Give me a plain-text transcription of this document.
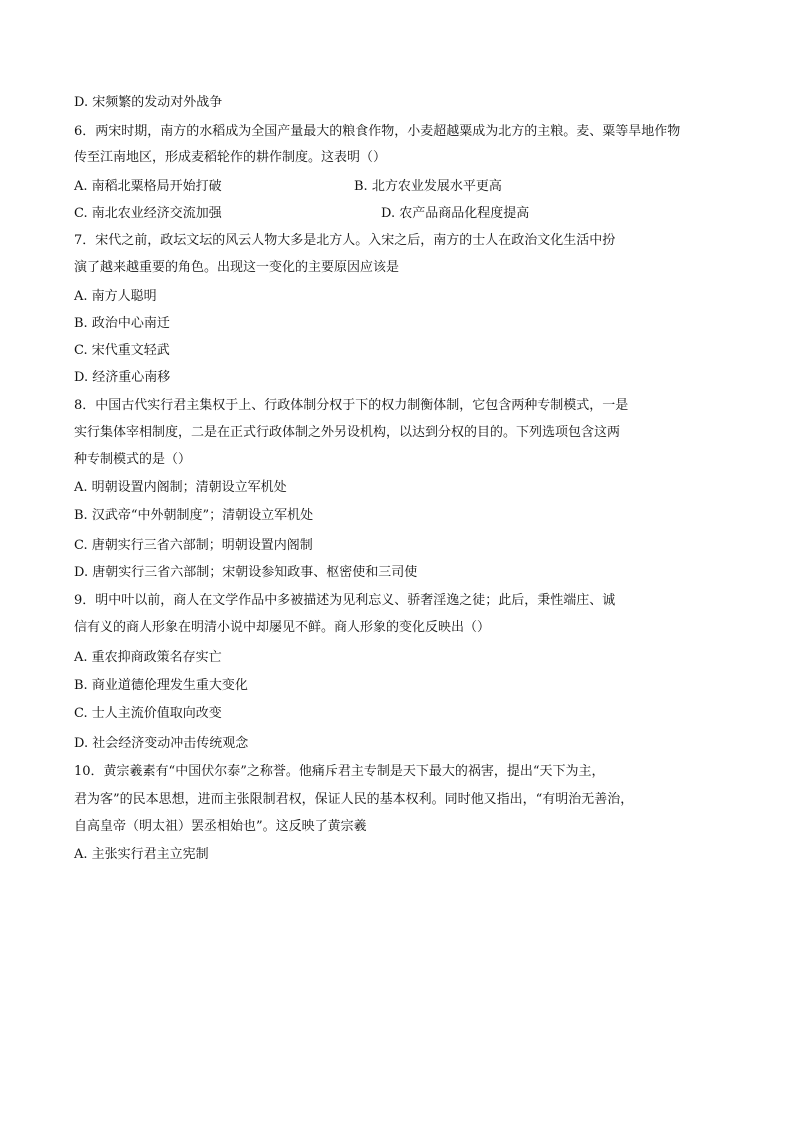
D. 宋频繁的发动对外战争
6．两宋时期，南方的水稻成为全国产量最大的粮食作物，小麦超越粟成为北方的主粮。麦、粟等旱地作物
传至江南地区，形成麦稻轮作的耕作制度。这表明（）
A. 南稻北粟格局开始打破	B. 北方农业发展水平更高
C. 南北农业经济交流加强	D. 农产品商品化程度提高
7．宋代之前，政坛文坛的风云人物大多是北方人。入宋之后，南方的士人在政治文化生活中扮
演了越来越重要的角色。出现这一变化的主要原因应该是
A. 南方人聪明
B. 政治中心南迁
C. 宋代重文轻武
D. 经济重心南移
8．中国古代实行君主集权于上、行政体制分权于下的权力制衡体制，它包含两种专制模式，一是
实行集体宰相制度，二是在正式行政体制之外另设机构，以达到分权的目的。下列选项包含这两
种专制模式的是（）
A. 明朝设置内阁制；清朝设立军机处
B. 汉武帝“中外朝制度”；清朝设立军机处
C. 唐朝实行三省六部制；明朝设置内阁制
D. 唐朝实行三省六部制；宋朝设参知政事、枢密使和三司使
9．明中叶以前，商人在文学作品中多被描述为见利忘义、骄奢淫逸之徒；此后，秉性端庄、诚
信有义的商人形象在明清小说中却屡见不鲜。商人形象的变化反映出（）
A. 重农抑商政策名存实亡
B. 商业道德伦理发生重大变化
C. 士人主流价值取向改变
D. 社会经济变动冲击传统观念
10．黄宗羲素有“中国伏尔泰”之称誉。他痛斥君主专制是天下最大的祸害，提出“天下为主，
君为客”的民本思想，进而主张限制君权，保证人民的基本权利。同时他又指出，“有明治无善治，
自高皇帝（明太祖）罢丞相始也”。这反映了黄宗羲
A. 主张实行君主立宪制
